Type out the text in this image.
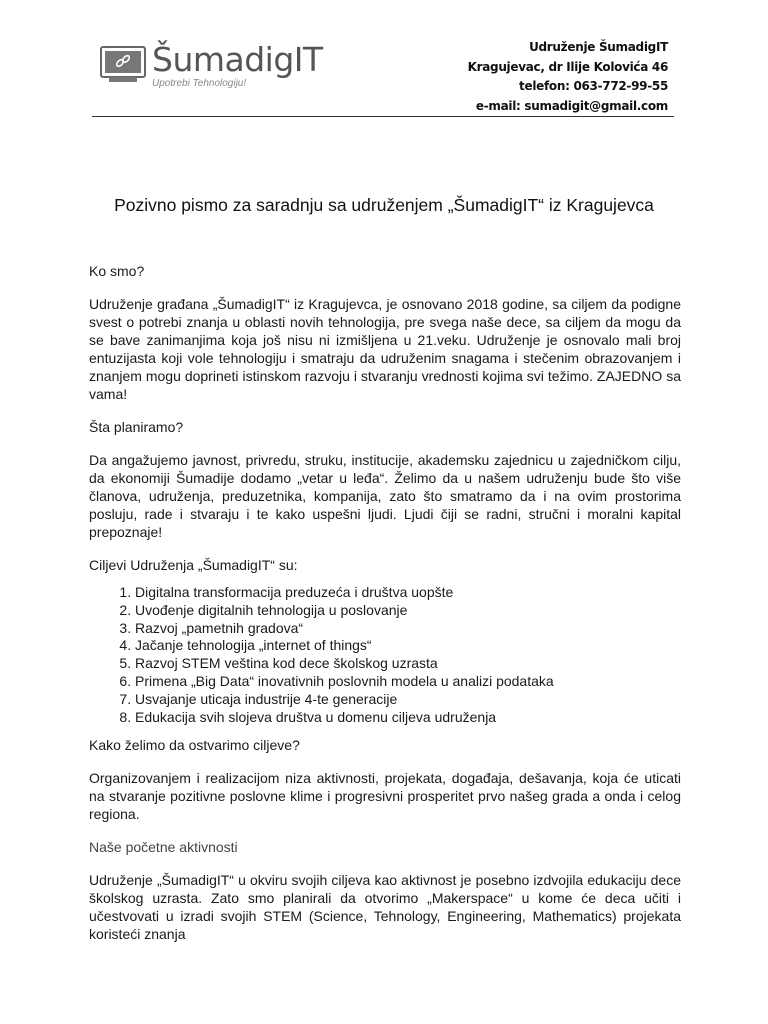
ŠumadigIT
Upotrebi Tehnologiju!
Udruženje ŠumadigIT
Kragujevac, dr Ilije Kolovića 46
telefon: 063-772-99-55
e-mail: sumadigit@gmail.com
Pozivno pismo za saradnju sa udruženjem „ŠumadigIT“ iz Kragujevca

Ko smo?

Udruženje građana „ŠumadigIT“ iz Kragujevca, je osnovano 2018 godine, sa ciljem da podigne svest o potrebi znanja u oblasti novih tehnologija, pre svega naše dece, sa ciljem da mogu da se bave zanimanjima koja još nisu ni izmišljena u 21.veku. Udruženje je osnovalo mali broj entuzijasta koji vole tehnologiju i smatraju da udruženim snagama i stečenim obrazovanjem i znanjem mogu doprineti istinskom razvoju i stvaranju vrednosti kojima svi težimo. ZAJEDNO sa vama!

Šta planiramo?

Da angažujemo javnost, privredu, struku, institucije, akademsku zajednicu u zajedničkom cilju, da ekonomiji Šumadije dodamo „vetar u leđa“. Želimo da u našem udruženju bude što više članova, udruženja, preduzetnika, kompanija, zato što smatramo da i na ovim prostorima posluju, rade i stvaraju i te kako uspešni ljudi. Ljudi čiji se radni, stručni i moralni kapital prepoznaje!

Ciljevi Udruženja „ŠumadigIT“ su:

1. Digitalna transformacija preduzeća i društva uopšte
2. Uvođenje digitalnih tehnologija u poslovanje
3. Razvoj „pametnih gradova“
4. Jačanje tehnologija „internet of things“
5. Razvoj STEM veština kod dece školskog uzrasta
6. Primena „Big Data“ inovativnih poslovnih modela u analizi podataka
7. Usvajanje uticaja industrije 4-te generacije
8. Edukacija svih slojeva društva u domenu ciljeva udruženja

Kako želimo da ostvarimo ciljeve?

Organizovanjem i realizacijom niza aktivnosti, projekata, događaja, dešavanja, koja će uticati na stvaranje pozitivne poslovne klime i progresivni prosperitet prvo našeg grada a onda i celog regiona.

Naše početne aktivnosti

Udruženje „ŠumadigIT“ u okviru svojih ciljeva kao aktivnost je posebno izdvojila edukaciju dece školskog uzrasta. Zato smo planirali da otvorimo „Makerspace“ u kome će deca učiti i učestvovati u izradi svojih STEM (Science, Tehnology, Engineering, Mathematics) projekata koristeći znanja
